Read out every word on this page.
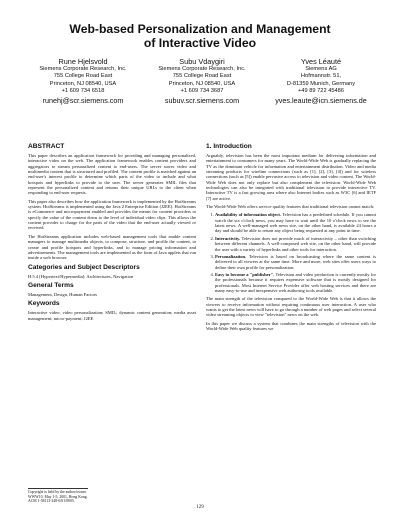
Web-based Personalization and Management
of Interactive Video
Rune Hjelsvold
Siemens Corporate Research, Inc.
755 College Road East
Princeton, NJ 08540, USA
+1 609 734 6518
runehj@scr.siemens.com
Subu Vdaygiri
Siemens Corporate Research, Inc.
755 College Road East
Princeton, NJ 08540, USA
+1 609 734 3687
subuv.scr.siemens.com
Yves Léauté
Siemens AG
Hofmannstr. 51,
D-81359 Munich, Germany
+49 89 722 45486
yves.leaute@icn.siemens.de
ABSTRACT

This paper describes an application framework for providing and managing personalized, interactive video on the web. The application framework enables content providers and aggregators to stream personalized content to end-users. The server stores video and multimedia content that is structured and profiled. The content profile is matched against an end-user's interest profile to determine which parts of the video to include and what hotspots and hyperlinks to provide to the user. The server generates SMIL files that represent the personalized content and returns their unique URLs to the client when responding to end-user requests.

This paper also describes how the application framework is implemented by the HotStreams system. HotStreams is implemented using the Java 2 Enterprise Edition (J2EE). HotStreams is eCommerce and micropayment enabled and provides the means for content providers to specify the value of the content down to the level of individual video clips. This allows the content provider to charge for the parts of the video that the end-user actually viewed or received.

The HotStreams application includes web-based management tools that enable content managers to manage multimedia objects, to compose, structure, and profile the content, to create and profile hotspots and hyperlinks, and to manage pricing information and advertisements. The management tools are implemented as the form of Java applets that run inside a web browser.

Categories and Subject Descriptors

H.5.4 [Hypertext/Hypermedia]: Architectures, Navigation

General Terms

Management, Design, Human Factors

Keywords

Interactive video; video personalization; SMIL; dynamic content generation; media asset management; micro-payment; J2EE

Copyright is held by the author/owner.
WWW10, May 1-5, 2001, Hong Kong.
ACM 1-58113-348-0/01/0005.
1. Introduction

Arguably, television has been the most important medium for delivering information and entertainment to consumers for many years. The World-Wide Web is gradually replacing the TV as the dominant vehicle for information and entertainment distribution. Video and media streaming products for wireline connections (such as [1], [2], [3], [4]) and for wireless connections (such as [5]) enable pervasive access to television and video content. The World-Wide Web does not only replace but also complement the television. World-Wide Web technologies can also be integrated with traditional television to provide interactive TV. Interactive TV is a fast growing area where also Internet bodies such as W3C [6] and IETF [7] are active.

The World-Wide Web offers service quality features that traditional television cannot match:

1. Availability of information object. Television has a predefined schedule. If you cannot watch the six o'clock news, you may have to wait until the 10 o'clock news to see the latest news. A well-managed web news site, on the other hand, is available 24 hours a day and should be able to return any object being requested at any point in time.
2. Interactivity. Television does not provide much of interactivity – other than switching between different channels. A well-composed web site, on the other hand, will provide the user with a variety of hyperlinks and other tools for interaction.
3. Personalization. Television is based on broadcasting where the same content is delivered to all viewers at the same time. More and more, web sites offer users ways to define their own profile for personalization.
4. Easy to become a "publisher". Television and video production is currently mostly for the professionals because it requires expensive software that is mostly designed for professionals. Most Internet Service Provider offer web hosting services and there are many easy-to-use and inexpensive web authoring tools available.

The main strength of the television compared to the World-Wide Web is that it allows the viewers to receive information without requiring continuous user interaction. A user who wants to get the latest news will have to go through a number of web pages and select several video streaming objects to view "television" news on the web.

In this paper we discuss a system that combines the main strengths of television with the World-Wide Web quality features we

129
